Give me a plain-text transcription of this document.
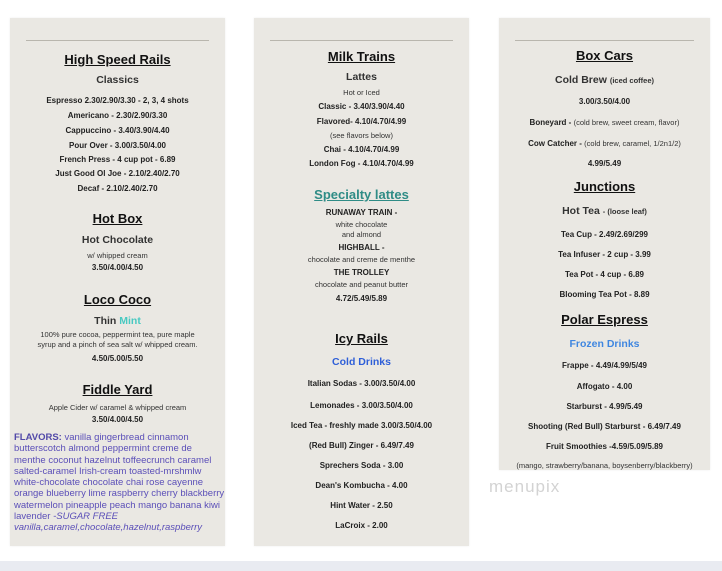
High Speed Rails
Classics
Espresso 2.30/2.90/3.30 - 2, 3, 4 shots
Americano - 2.30/2.90/3.30
Cappuccino - 3.40/3.90/4.40
Pour Over - 3.00/3.50/4.00
French Press - 4 cup pot - 6.89
Just Good Ol Joe - 2.10/2.40/2.70
Decaf - 2.10/2.40/2.70
Hot Box
Hot Chocolate
w/ whipped cream
3.50/4.00/4.50
Loco Coco
Thin Mint
100% pure cocoa, peppermint tea, pure maple
syrup and a pinch of sea salt w/ whipped cream.
4.50/5.00/5.50
Fiddle Yard
Apple Cider w/ caramel & whipped cream
3.50/4.00/4.50
FLAVORS: vanilla gingerbread cinnamon butterscotch almond peppermint creme de menthe coconut hazelnut toffeecrunch caramel salted-caramel Irish-cream toasted-mrshmlw white-chocolate chocolate chai rose cayenne orange blueberry lime raspberry cherry blackberry watermelon pineapple peach mango banana kiwi lavender -SUGAR FREE vanilla,caramel,chocolate,hazelnut,raspberry
Milk Trains
Lattes
Hot or Iced
Classic - 3.40/3.90/4.40
Flavored- 4.10/4.70/4.99
(see flavors below)
Chai - 4.10/4.70/4.99
London Fog - 4.10/4.70/4.99
Specialty lattes
RUNAWAY TRAIN -
white chocolate
and almond
HIGHBALL -
chocolate and creme de menthe
THE TROLLEY
chocolate and peanut butter
4.72/5.49/5.89
Icy Rails
Cold Drinks
Italian Sodas - 3.00/3.50/4.00
Lemonades - 3.00/3.50/4.00
Iced Tea - freshly made 3.00/3.50/4.00
(Red Bull) Zinger - 6.49/7.49
Sprechers Soda - 3.00
Dean's Kombucha - 4.00
Hint Water - 2.50
LaCroix - 2.00
Box Cars
Cold Brew (iced coffee)
3.00/3.50/4.00
Boneyard - (cold brew, sweet cream, flavor)
Cow Catcher - (cold brew, caramel, 1/2n1/2)
4.99/5.49
Junctions
Hot Tea - (loose leaf)
Tea Cup - 2.49/2.69/299
Tea Infuser - 2 cup - 3.99
Tea Pot - 4 cup - 6.89
Blooming Tea Pot - 8.89
Polar Espress
Frozen Drinks
Frappe - 4.49/4.99/5/49
Affogato - 4.00
Starburst - 4.99/5.49
Shooting (Red Bull) Starburst - 6.49/7.49
Fruit Smoothies -4.59/5.09/5.89
(mango, strawberry/banana, boysenberry/blackberry)
menupix
